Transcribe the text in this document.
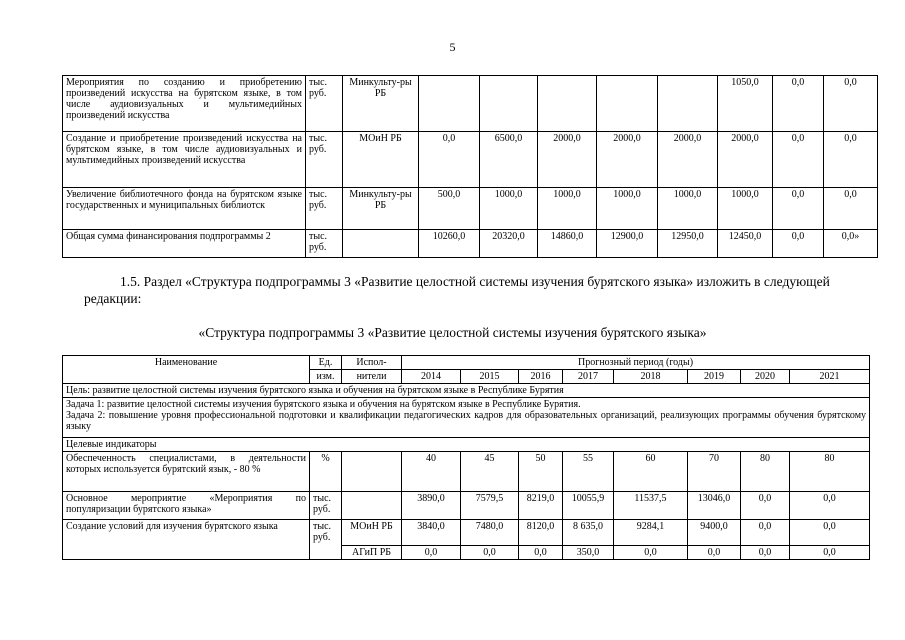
5
Мероприятия по созданию и приобретению произведений искусства на бурятском языке, в том числе аудиовизуальных и мультимедийных произведений искусства	тыс. руб.	Минкульту-ры РБ						1050,0	0,0	0,0
Создание и приобретение произведений искусства на бурятском языке, в том числе аудиовизуальных и мультимедийных произведений искусства	тыс. руб.	МОиН РБ	0,0	6500,0	2000,0	2000,0	2000,0	2000,0	0,0	0,0
Увеличение библиотечного фонда на бурятском языке государственных и муниципальных библиотск	тыс. руб.	Минкульту-ры РБ	500,0	1000,0	1000,0	1000,0	1000,0	1000,0	0,0	0,0
Общая сумма финансирования подпрограммы 2	тыс. руб.		10260,0	20320,0	14860,0	12900,0	12950,0	12450,0	0,0	0,0»
1.5. Раздел «Структура подпрограммы 3 «Развитие целостной системы изучения бурятского языка» изложить в следующей редакции:
«Структура подпрограммы 3 «Развитие целостной системы изучения бурятского языка»
Наименование	Ед.	Испол-	Прогнозный период (годы)							
	изм.	нители	2014	2015	2016	2017	2018	2019	2020	2021
Цель: развитие целостной системы изучения бурятского языка и обучения на бурятском языке в Республике Бурятия										

Задача 1: развитие целостной системы изучения бурятского языка и обучения на бурятском языке в Республике Бурятия.
Задача 2: повышение уровня профессиональной подготовки и квалификации педагогических кадров для образовательных организаций, реализующих программы обучения бурятскому языку										

Целевые индикаторы										
Обеспеченность специалистами, в деятельности которых используется бурятский язык, - 80 %	%		40	45	50	55	60	70	80	80
Основное мероприятие «Мероприятия по популяризации бурятского языка»	тыс. руб.		3890,0	7579,5	8219,0	10055,9	11537,5	13046,0	0,0	0,0
Создание условий для изучения бурятского языка	тыс. руб.	МОиН РБ	3840,0	7480,0	8120,0	8 635,0	9284,1	9400,0	0,0	0,0
		АГиП РБ	0,0	0,0	0,0	350,0	0,0	0,0	0,0	0,0
